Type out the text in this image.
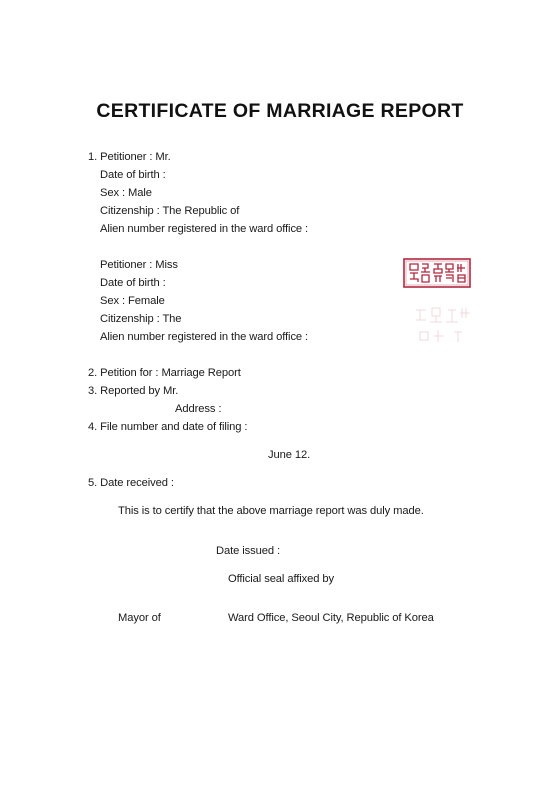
CERTIFICATE OF MARRIAGE REPORT
1. Petitioner : Mr.
Date of birth :
Sex : Male
Citizenship : The Republic of
Alien number registered in the ward office :
Petitioner : Miss
Date of birth :
Sex : Female
Citizenship : The
Alien number registered in the ward office :
2. Petition for : Marriage Report
3. Reported by Mr.
Address :
4. File number and date of filing :
June 12.
5. Date received :
This is to certify that the above marriage report was duly made.
Date issued :
Official seal affixed by
Mayor of	Ward Office, Seoul City, Republic of Korea
